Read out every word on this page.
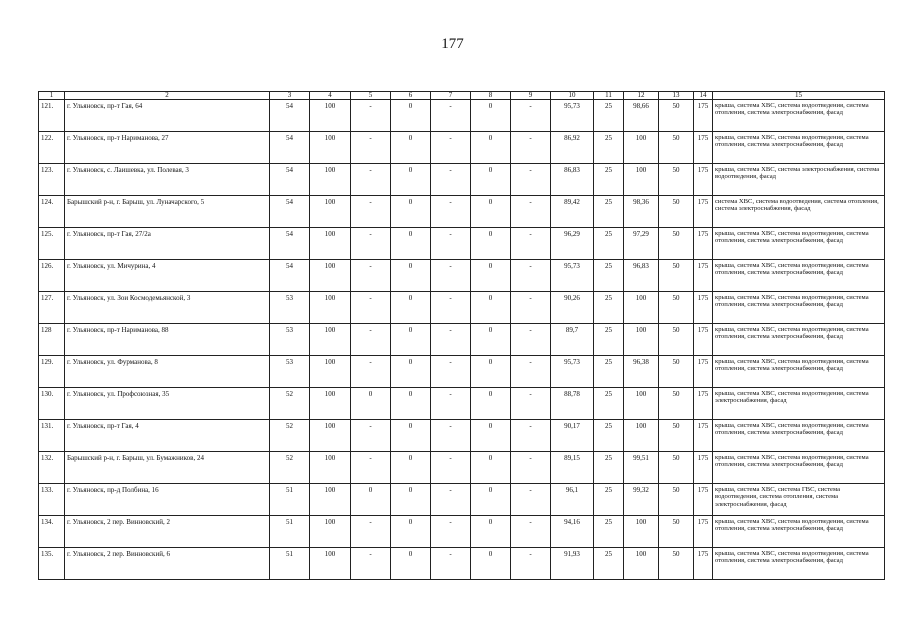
177
1	2	3	4	5	6	7	8	9	10	11	12	13	14	15
121.	г. Ульяновск, пр-т Гая, 64	54	100	-	0	-	0	-	95,73	25	98,66	50	175	крыша, система ХВС, система водоотведения, система отопления, система электроснабжения, фасад
122.	г. Ульяновск, пр-т Нариманова, 27	54	100	-	0	-	0	-	86,92	25	100	50	175	крыша, система ХВС, система водоотведения, система отопления, система электроснабжения, фасад
123.	г. Ульяновск, с. Лаишевка, ул. Полевая, 3	54	100	-	0	-	0	-	86,83	25	100	50	175	крыша, система ХВС, система электроснабжения, система водоотведения, фасад
124.	Барышский р-н, г. Барыш, ул. Луначарского, 5	54	100	-	0	-	0	-	89,42	25	98,36	50	175	система ХВС, система водоотведения, система отопления, система электроснабжения, фасад
125.	г. Ульяновск, пр-т Гая, 27/2а	54	100	-	0	-	0	-	96,29	25	97,29	50	175	крыша, система ХВС, система водоотведения, система отопления, система электроснабжения, фасад
126.	г. Ульяновск, ул. Мичурина, 4	54	100	-	0	-	0	-	95,73	25	96,83	50	175	крыша, система ХВС, система водоотведения, система отопления, система электроснабжения, фасад
127.	г. Ульяновск, ул. Зои Космодемьянской, 3	53	100	-	0	-	0	-	90,26	25	100	50	175	крыша, система ХВС, система водоотведения, система отопления, система электроснабжения, фасад
128	г. Ульяновск, пр-т Нариманова, 88	53	100	-	0	-	0	-	89,7	25	100	50	175	крыша, система ХВС, система водоотведения, система отопления, система электроснабжения, фасад
129.	г. Ульяновск, ул. Фурманова, 8	53	100	-	0	-	0	-	95,73	25	96,38	50	175	крыша, система ХВС, система водоотведения, система отопления, система электроснабжения, фасад
130.	г. Ульяновск, ул. Профсоюзная, 35	52	100	0	0	-	0	-	88,78	25	100	50	175	крыша, система ХВС, система водоотведения, система электроснабжения, фасад
131.	г. Ульяновск, пр-т Гая, 4	52	100	-	0	-	0	-	90,17	25	100	50	175	крыша, система ХВС, система водоотведения, система отопления, система электроснабжения, фасад
132.	Барышский р-н, г. Барыш, ул. Бумажников, 24	52	100	-	0	-	0	-	89,15	25	99,51	50	175	крыша, система ХВС, система водоотведения, система отопления, система электроснабжения, фасад
133.	г. Ульяновск, пр-д Полбина, 16	51	100	0	0	-	0	-	96,1	25	99,32	50	175	крыша, система ХВС, система ГВС, система водоотведения, система отопления, система электроснабжения, фасад
134.	г. Ульяновск, 2 пер. Винновский, 2	51	100	-	0	-	0	-	94,16	25	100	50	175	крыша, система ХВС, система водоотведения, система отопления, система электроснабжения, фасад
135.	г. Ульяновск, 2 пер. Винновский, 6	51	100	-	0	-	0	-	91,93	25	100	50	175	крыша, система ХВС, система водоотведения, система отопления, система электроснабжения, фасад
